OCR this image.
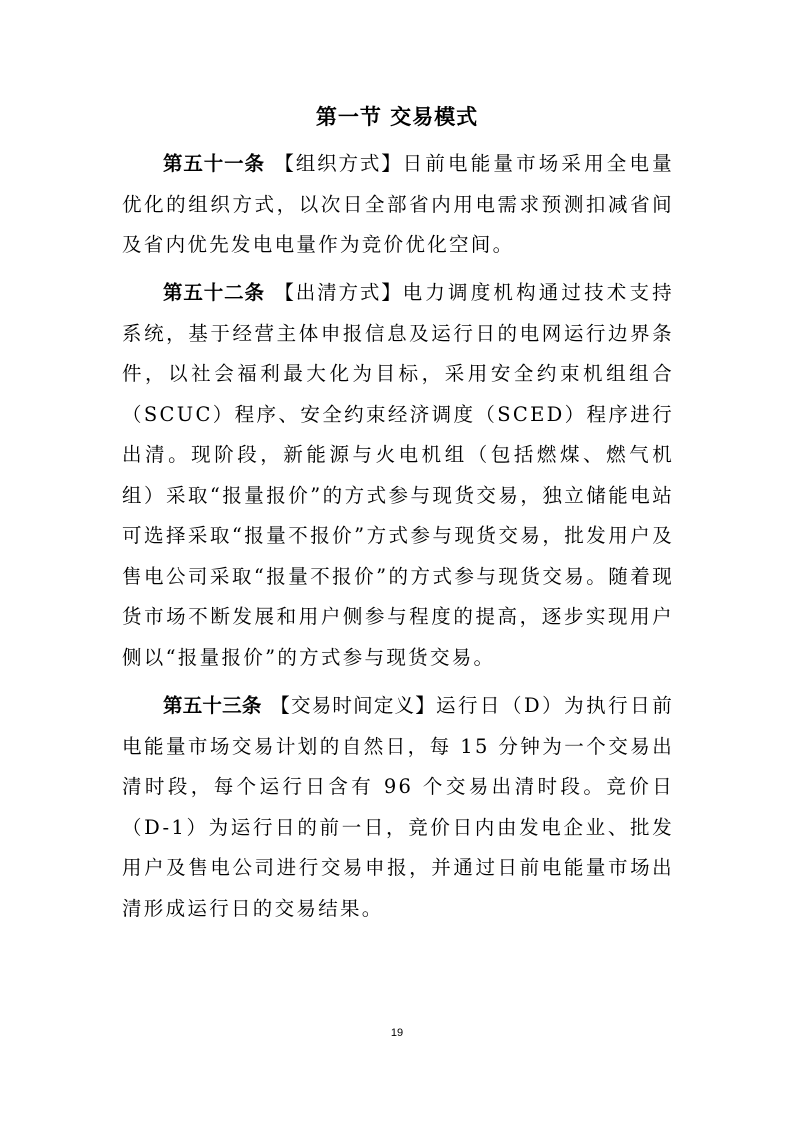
第一节 交易模式

第五十一条 【组织方式】日前电能量市场采用全电量优化的组织方式，以次日全部省内用电需求预测扣减省间及省内优先发电电量作为竞价优化空间。

第五十二条 【出清方式】电力调度机构通过技术支持系统，基于经营主体申报信息及运行日的电网运行边界条件，以社会福利最大化为目标，采用安全约束机组组合（SCUC）程序、安全约束经济调度（SCED）程序进行出清。现阶段，新能源与火电机组（包括燃煤、燃气机组）采取“报量报价”的方式参与现货交易，独立储能电站可选择采取“报量不报价”方式参与现货交易，批发用户及售电公司采取“报量不报价”的方式参与现货交易。随着现货市场不断发展和用户侧参与程度的提高，逐步实现用户侧以“报量报价”的方式参与现货交易。

第五十三条 【交易时间定义】运行日（D）为执行日前电能量市场交易计划的自然日，每 15 分钟为一个交易出清时段，每个运行日含有 96 个交易出清时段。竞价日（D-1）为运行日的前一日，竞价日内由发电企业、批发用户及售电公司进行交易申报，并通过日前电能量市场出清形成运行日的交易结果。

19
